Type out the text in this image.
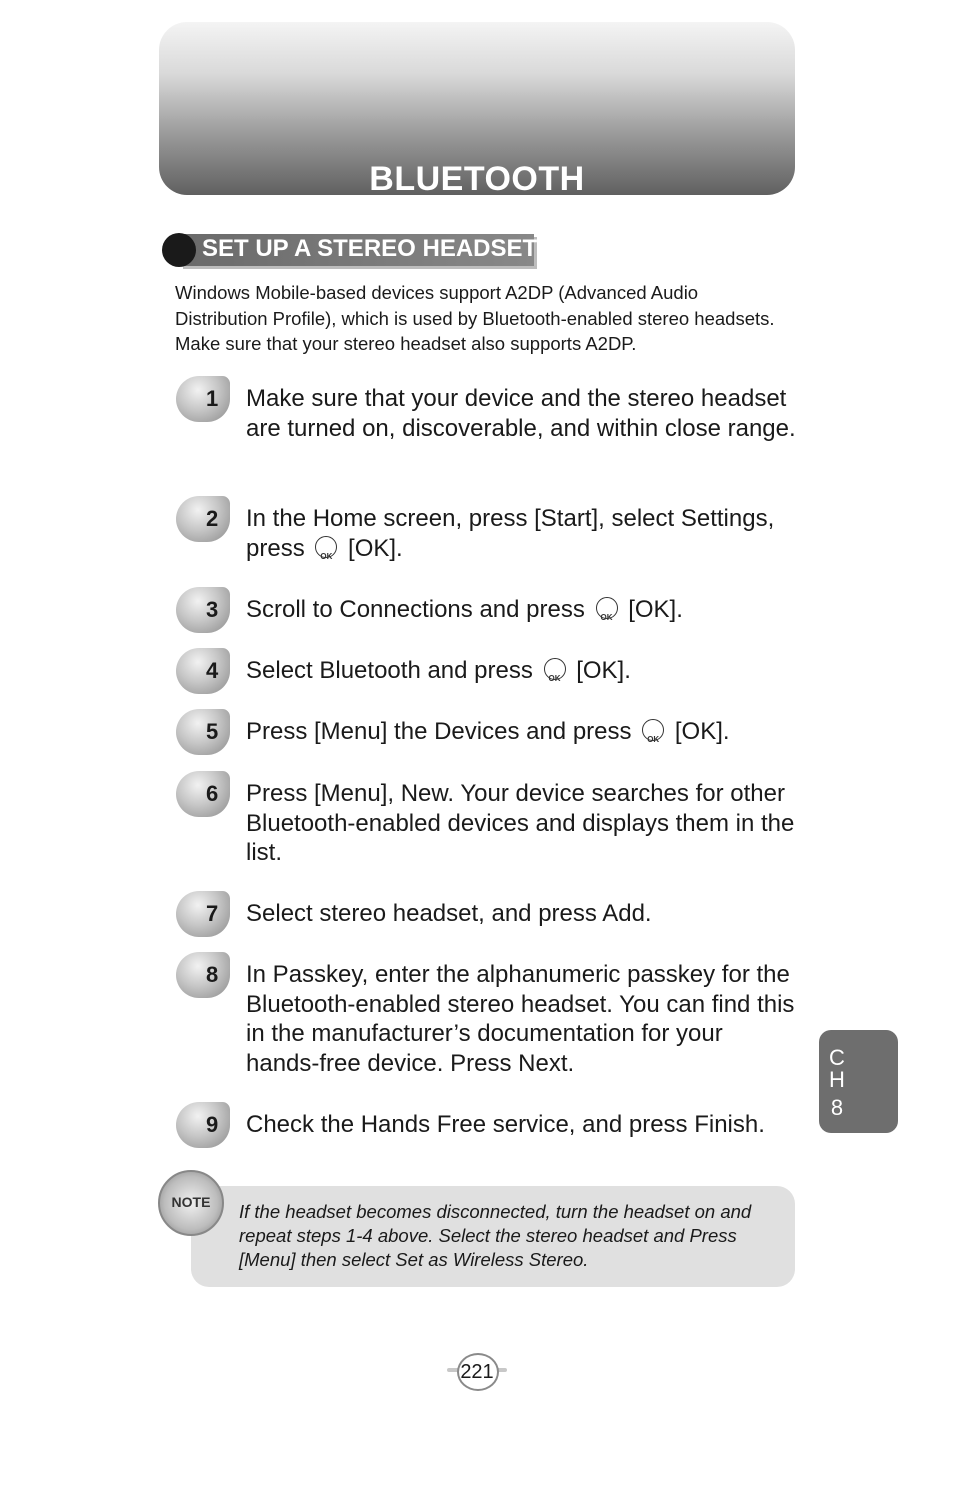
BLUETOOTH
SET UP A STEREO HEADSET
Windows Mobile-based devices support A2DP (Advanced Audio Distribution Profile), which is used by Bluetooth-enabled stereo headsets. Make sure that your stereo headset also supports A2DP.
1 Make sure that your device and the stereo headset are turned on, discoverable, and within close range.
2 In the Home screen, press [Start], select Settings, press OK [OK].
3 Scroll to Connections and press OK [OK].
4 Select Bluetooth and press OK [OK].
5 Press [Menu] the Devices and press OK [OK].
6 Press [Menu], New. Your device searches for other Bluetooth-enabled devices and displays them in the list.
7 Select stereo headset, and press Add.
8 In Passkey, enter the alphanumeric passkey for the Bluetooth-enabled stereo headset. You can find this in the manufacturer’s documentation for your hands-free device. Press Next.
9 Check the Hands Free service, and press Finish.
If the headset becomes disconnected, turn the headset on and repeat steps 1-4 above. Select the stereo headset and Press [Menu] then select Set as Wireless Stereo.
NOTE
C
H
8
221
